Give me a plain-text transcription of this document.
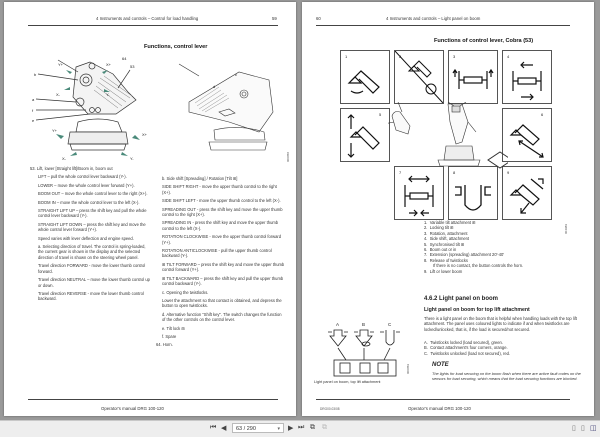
4 Instruments and controls – Control for load handling	59
Functions, control lever
64
53
b
a
f
e
Y+	X+
X-	Y-
Y+
X+
X-	Y-
c
d
000058

53. Lift, lower [Straight lift]/Boom in, boom out

LIFT – pull the whole control lever backward (Y-).

LOWER – move the whole control lever forward (Y+).

BOOM OUT – move the whole control lever to the right (X+).

BOOM IN – move the whole control lever to the left (X-).

STRAIGHT LIFT UP – press the shift key and pull the whole control lever backward (Y-).

STRAIGHT LIFT DOWN – press the shift key and move the whole control lever forward (Y+).

Speed varies with lever deflection and engine speed.

a. Selecting direction of travel. The control is spring-loaded, the current gear is shown in the display and the selected direction of travel is shown on the steering wheel panel.

Travel direction FORWARD - move the lower thumb control forward.

Travel direction NEUTRAL – move the lower thumb control up or down.

Travel direction REVERSE - move the lower thumb control backward.

b. Side shift [Spreading] / Rotation [Tilt ⊞]

SIDE SHIFT RIGHT - move the upper thumb control to the right (X+).

SIDE SHIFT LEFT - move the upper thumb control to the left (X-).

SPREADING OUT - press the shift key and move the upper thumb control to the right (X+).

SPREADING IN - press the shift key and move the upper thumb control to the left (X-).

ROTATION CLOCKWISE - move the upper thumb control forward (Y+).

ROTATION ANTICLOCKWISE - pull the upper thumb control backward (Y-).

⊞ TILT FORWARD – press the shift key and move the upper thumb control forward (Y+).

⊞ TILT BACKWARD – press the shift key and pull the upper thumb control backward (Y-).

c. Opening the twistlocks.

Lower the attachment so that contact is obtained, and depress the button to open twistlocks.

d. Alternative function "Shift key". The switch changes the function of the other controls on the control lever.

e. Tilt lock ⊞

f. Spare

64. Horn.

Operator's manual DRG 100-120
60	4 Instruments and controls – Light panel on boom
Functions of control lever, Cobra (53)
1	2	3	4
5	6
7	8	9
004989
1. Variable tilt attachment ⊞
2. Locking tilt ⊞
3. Rotation, attachment
4. Side shift, attachment
5. Synchronised tilt ⊞
6. Boom out or in
7. Extension (spreading) attachment 20'-40'
8. Release of twistlocks
If there is no contact, the button controls the horn.
9. Lift or lower boom
4.6.2 Light panel on boom
Light panel on boom for top lift attachment
There is a light panel on the boom that is helpful when handling loads with the top lift attachment. The panel uses coloured lights to indicate if and when twistlocks are locked/unlocked, that is, if the load is secured/not secured.
A. Twistlocks locked (load secured), green.
B. Contact attachment's four corners, orange.
C. Twistlocks unlocked (load not secured), red.
NOTE
The lights for load securing on the boom flash when there are active fault codes on the sensors for load securing, which means that the load securing functions are blocked.
A	B	C
Light panel on boom, top lift attachment
000059
DRG00.03/08	Operator's manual DRG 100-120
⏮ ◀	63 / 290	▾ ▶ ⏭ ⧉ ⧉	▯ ▯ ◫
